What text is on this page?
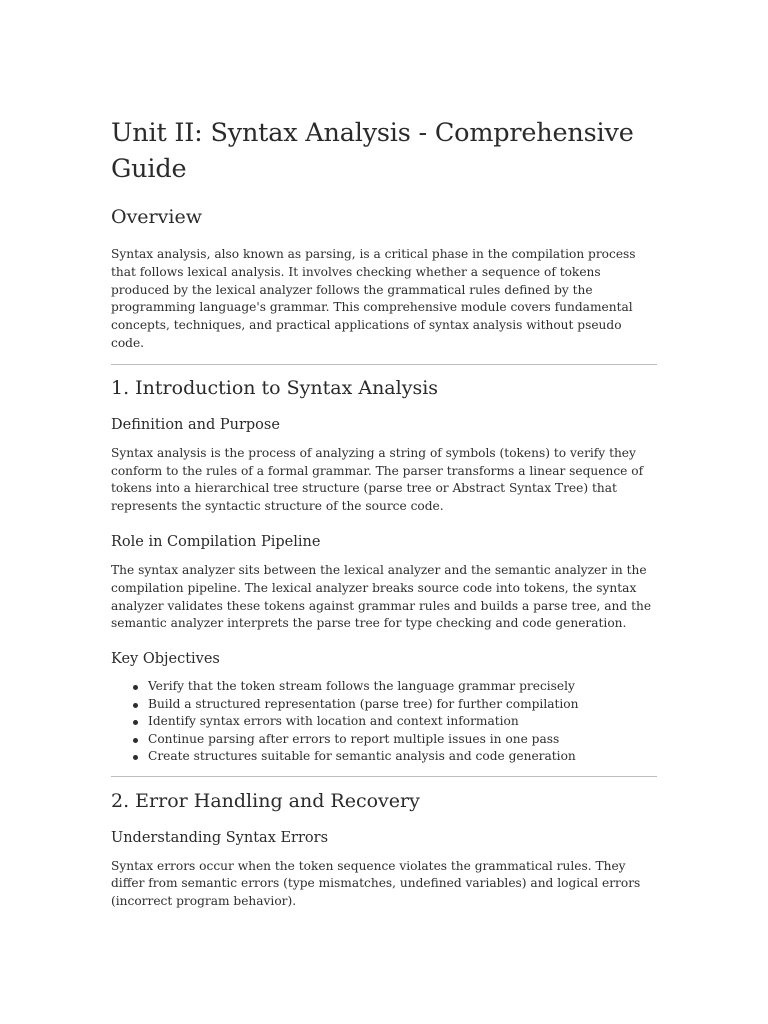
Unit II: Syntax Analysis - Comprehensive Guide
Overview

Syntax analysis, also known as parsing, is a critical phase in the compilation process that follows lexical analysis. It involves checking whether a sequence of tokens produced by the lexical analyzer follows the grammatical rules defined by the programming language's grammar. This comprehensive module covers fundamental concepts, techniques, and practical applications of syntax analysis without pseudo code.

1. Introduction to Syntax Analysis
Definition and Purpose

Syntax analysis is the process of analyzing a string of symbols (tokens) to verify they conform to the rules of a formal grammar. The parser transforms a linear sequence of tokens into a hierarchical tree structure (parse tree or Abstract Syntax Tree) that represents the syntactic structure of the source code.

Role in Compilation Pipeline

The syntax analyzer sits between the lexical analyzer and the semantic analyzer in the compilation pipeline. The lexical analyzer breaks source code into tokens, the syntax analyzer validates these tokens against grammar rules and builds a parse tree, and the semantic analyzer interprets the parse tree for type checking and code generation.

Key Objectives
Verify that the token stream follows the language grammar precisely
Build a structured representation (parse tree) for further compilation
Identify syntax errors with location and context information
Continue parsing after errors to report multiple issues in one pass
Create structures suitable for semantic analysis and code generation
2. Error Handling and Recovery
Understanding Syntax Errors

Syntax errors occur when the token sequence violates the grammatical rules. They differ from semantic errors (type mismatches, undefined variables) and logical errors (incorrect program behavior).
